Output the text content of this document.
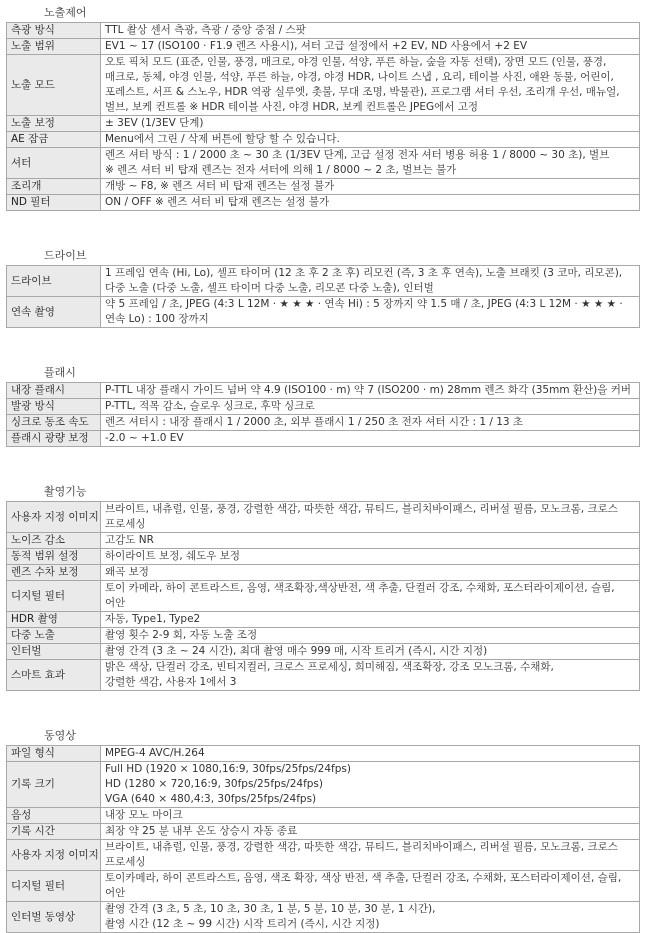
노출제어
측광 방식	TTL 촬상 센서 측광, 측광 / 중앙 중점 / 스팟

노출 범위	EV1 ~ 17 (ISO100 · F1.9 렌즈 사용시), 셔터 고급 설정에서 +2 EV, ND 사용에서 +2 EV

노출 모드	오토 픽처 모드 (표준, 인물, 풍경, 매크로, 야경 인물, 석양, 푸른 하늘, 숲을 자동 선택), 장면 모드 (인물, 풍경, 매크로, 동체, 야경 인물, 석양, 푸른 하늘, 야경, 야경 HDR, 나이트 스냅 , 요리, 테이블 사진, 애완 동물, 어린이, 포레스트, 서프 & 스노우, HDR 역광 실루엣, 촛불, 무대 조명, 박물관), 프로그램 셔터 우선, 조리개 우선, 매뉴얼, 벌브, 보케 컨트롤 ※ HDR 테이블 사진, 야경 HDR, 보케 컨트롤은 JPEG에서 고정

노출 보정	± 3EV (1/3EV 단계)

AE 잠금	Menu에서 그린 / 삭제 버튼에 할당 할 수 있습니다.

셔터	렌즈 셔터 방식 : 1 / 2000 초 ~ 30 초 (1/3EV 단계, 고급 설정 전자 셔터 병용 허용 1 / 8000 ~ 30 초), 벌브
※ 렌즈 셔터 비 탑재 렌즈는 전자 셔터에 의해 1 / 8000 ~ 2 초, 벌브는 불가

조리개	개방 ~ F8, ※ 렌즈 셔터 비 탑재 렌즈는 설정 불가

ND 필터	ON / OFF ※ 렌즈 셔터 비 탑재 렌즈는 설정 불가
드라이브
드라이브	1 프레임 연속 (Hi, Lo), 셀프 타이머 (12 초 후 2 초 후) 리모컨 (즉, 3 초 후 연속), 노출 브래킷 (3 코마, 리모콘), 다중 노출 (다중 노출, 셀프 타이머 다중 노출, 리모콘 다중 노출), 인터벌

연속 촬영	약 5 프레임 / 초, JPEG (4:3 L 12M · ★ ★ ★ · 연속 Hi) : 5 장까지 약 1.5 매 / 초, JPEG (4:3 L 12M · ★ ★ ★ · 연속 Lo) : 100 장까지
플래시
내장 플래시	P-TTL 내장 플래시 가이드 넘버 약 4.9 (ISO100 · m) 약 7 (ISO200 · m) 28mm 렌즈 화각 (35mm 환산)을 커버

발광 방식	P-TTL, 적목 감소, 슬로우 싱크로, 후막 싱크로

싱크로 동조 속도	렌즈 셔터시 : 내장 플래시 1 / 2000 초, 외부 플래시 1 / 250 초 전자 셔터 시간 : 1 / 13 초

플래시 광량 보정	-2.0 ~ +1.0 EV
촬영기능
사용자 지정 이미지	브라이트, 내츄럴, 인물, 풍경, 강렬한 색감, 따뜻한 색감, 뮤티드, 블리치바이패스, 리버설 필름, 모노크롬, 크로스 프로세싱

노이즈 감소	고감도 NR

동적 범위 설정	하이라이트 보정, 쉐도우 보정

렌즈 수차 보정	왜곡 보정

디지털 필터	토이 카메라, 하이 콘트라스트, 음영, 색조확장,색상반전, 색 추출, 단컬러 강조, 수채화, 포스터라이제이션, 슬림, 어안

HDR 촬영	자동, Type1, Type2

다중 노출	촬영 횟수 2-9 회, 자동 노출 조정

인터벌	촬영 간격 (3 초 ~ 24 시간), 최대 촬영 매수 999 매, 시작 트리거 (즉시, 시간 지정)

스마트 효과	밝은 색상, 단컬러 강조, 빈티지컬러, 크로스 프로세싱, 희미해짐, 색조확장, 강조 모노크롬, 수채화,
강렬한 색감, 사용자 1에서 3
동영상
파일 형식	MPEG-4 AVC/H.264

기록 크기	Full HD (1920 × 1080,16:9, 30fps/25fps/24fps)
HD (1280 × 720,16:9, 30fps/25fps/24fps)
VGA (640 × 480,4:3, 30fps/25fps/24fps)

음성	내장 모노 마이크

기록 시간	최장 약 25 분 내부 온도 상승시 자동 종료

사용자 지정 이미지	브라이트, 내츄럴, 인물, 풍경, 강렬한 색감, 따뜻한 색감, 뮤티드, 블리치바이패스, 리버설 필름, 모노크롬, 크로스 프로세싱

디지털 필터	토이카메라, 하이 콘트라스트, 음영, 색조 확장, 색상 반전, 색 추출, 단컬러 강조, 수채화, 포스터라이제이션, 슬림, 어안

인터벌 동영상	촬영 간격 (3 초, 5 초, 10 초, 30 초, 1 분, 5 분, 10 분, 30 분, 1 시간),
촬영 시간 (12 초 ~ 99 시간) 시작 트리거 (즉시, 시간 지정)
